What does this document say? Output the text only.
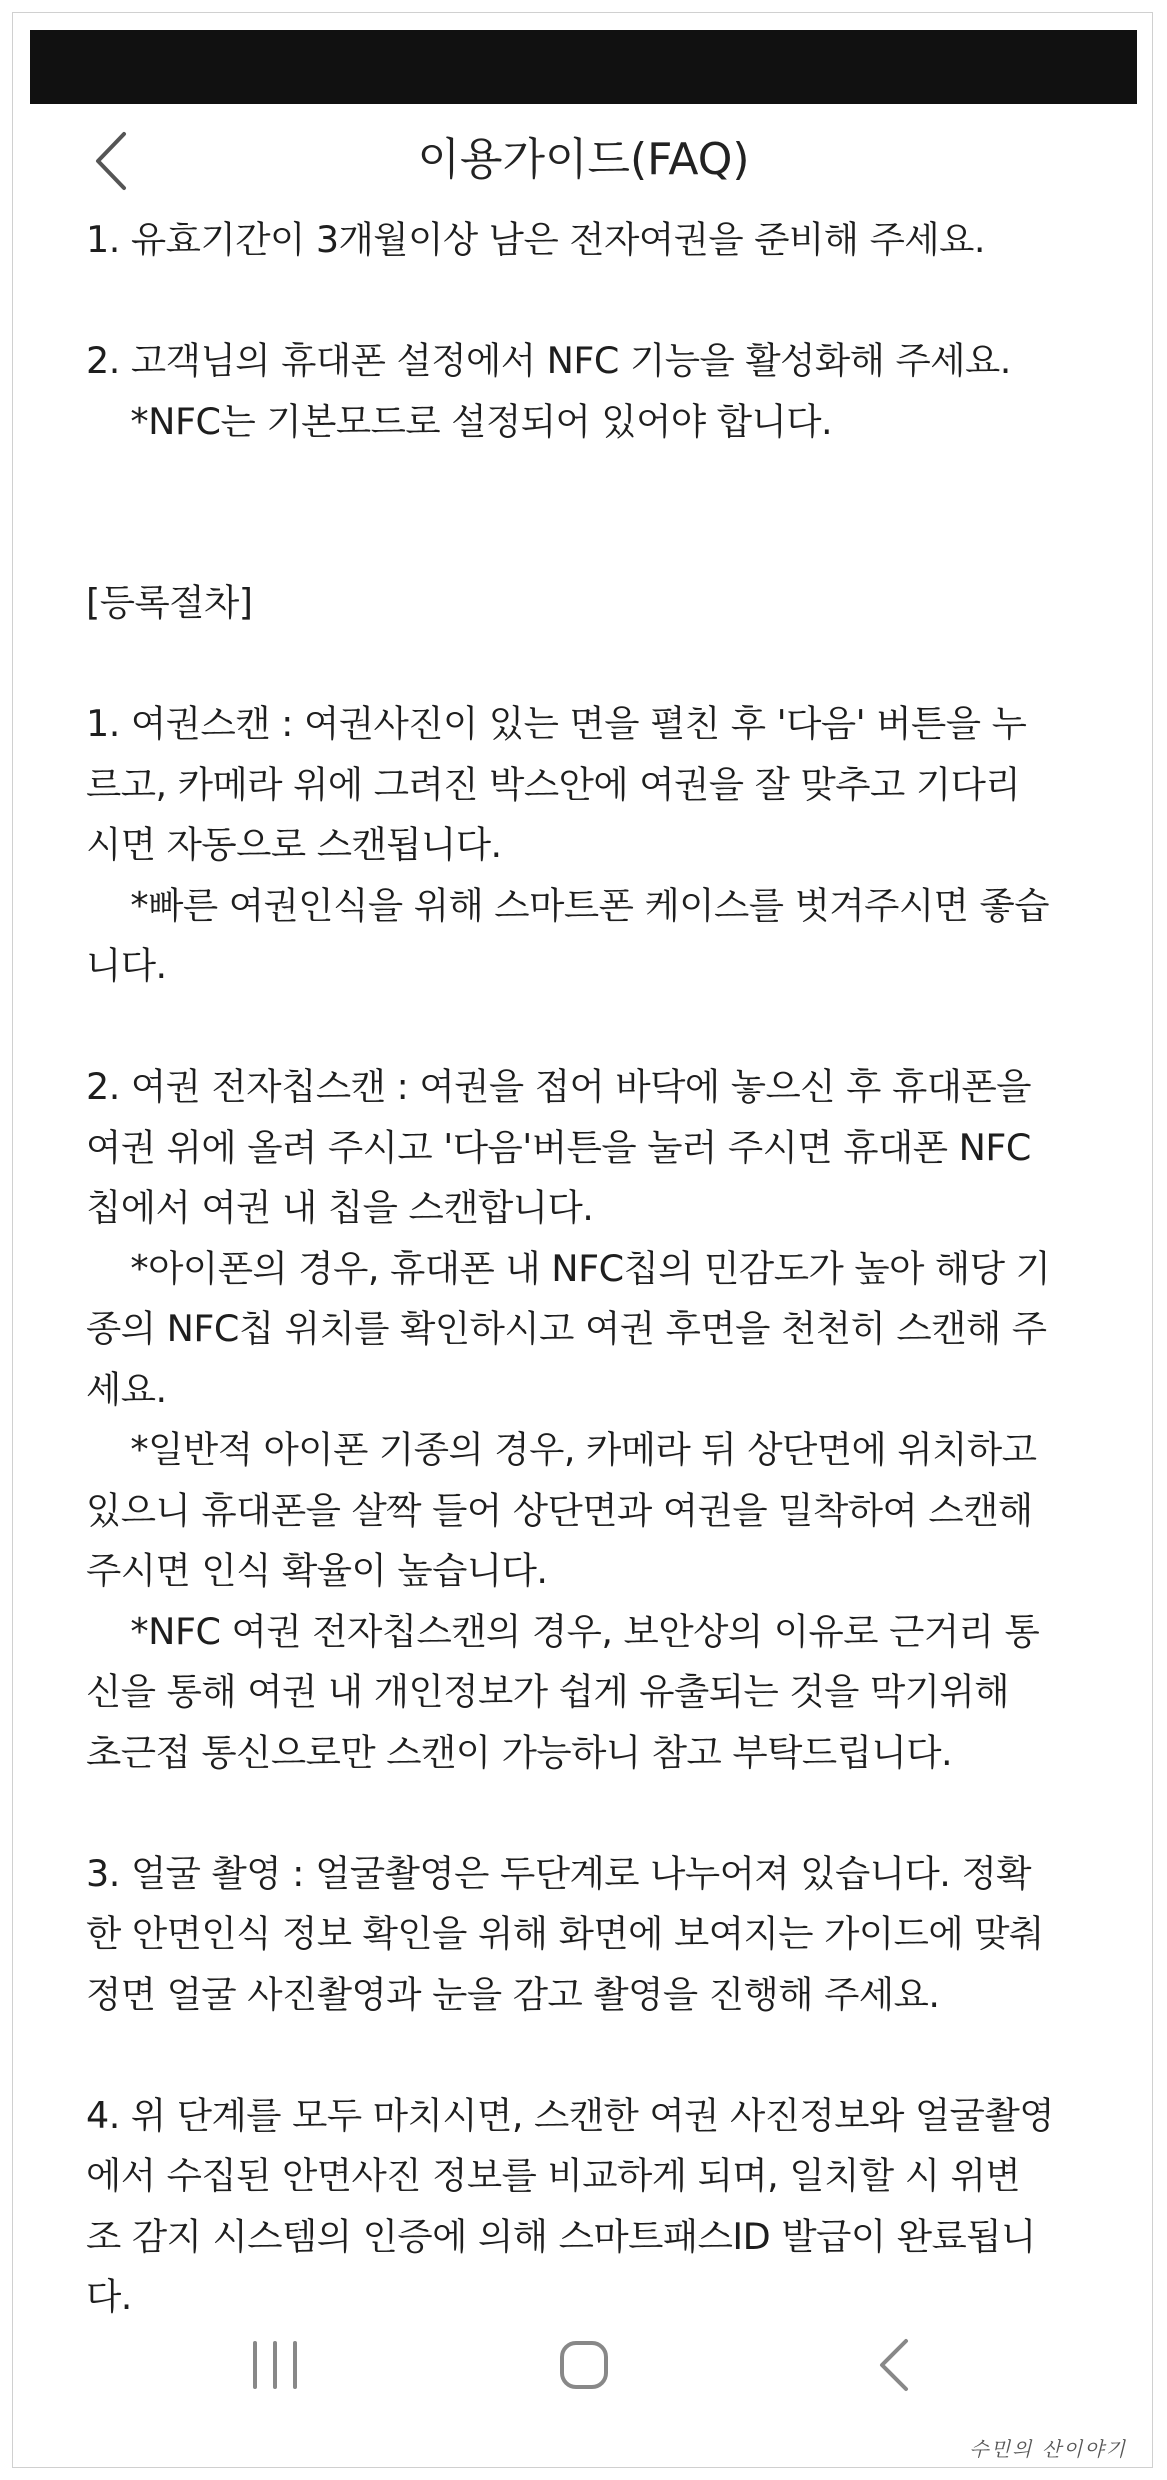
이용가이드(FAQ)

1. 유효기간이 3개월이상 남은 전자여권을 준비해 주세요.

2. 고객님의 휴대폰 설정에서 NFC 기능을 활성화해 주세요.

*NFC는 기본모드로 설정되어 있어야 합니다.

[등록절차]

1. 여권스캔 : 여권사진이 있는 면을 펼친 후 '다음' 버튼을 누

르고, 카메라 위에 그려진 박스안에 여권을 잘 맞추고 기다리

시면 자동으로 스캔됩니다.

*빠른 여권인식을 위해 스마트폰 케이스를 벗겨주시면 좋습

니다.

2. 여권 전자칩스캔 : 여권을 접어 바닥에 놓으신 후 휴대폰을

여권 위에 올려 주시고 '다음'버튼을 눌러 주시면 휴대폰 NFC

칩에서 여권 내 칩을 스캔합니다.

*아이폰의 경우, 휴대폰 내 NFC칩의 민감도가 높아 해당 기

종의 NFC칩 위치를 확인하시고 여권 후면을 천천히 스캔해 주

세요.

*일반적 아이폰 기종의 경우, 카메라 뒤 상단면에 위치하고

있으니 휴대폰을 살짝 들어 상단면과 여권을 밀착하여 스캔해

주시면 인식 확율이 높습니다.

*NFC 여권 전자칩스캔의 경우, 보안상의 이유로 근거리 통

신을 통해 여권 내 개인정보가 쉽게 유출되는 것을 막기위해

초근접 통신으로만 스캔이 가능하니 참고 부탁드립니다.

3. 얼굴 촬영 : 얼굴촬영은 두단계로 나누어져 있습니다. 정확

한 안면인식 정보 확인을 위해 화면에 보여지는 가이드에 맞춰

정면 얼굴 사진촬영과 눈을 감고 촬영을 진행해 주세요.

4. 위 단계를 모두 마치시면, 스캔한 여권 사진정보와 얼굴촬영

에서 수집된 안면사진 정보를 비교하게 되며, 일치할 시 위변

조 감지 시스템의 인증에 의해 스마트패스ID 발급이 완료됩니

다.

수민의 산이야기
